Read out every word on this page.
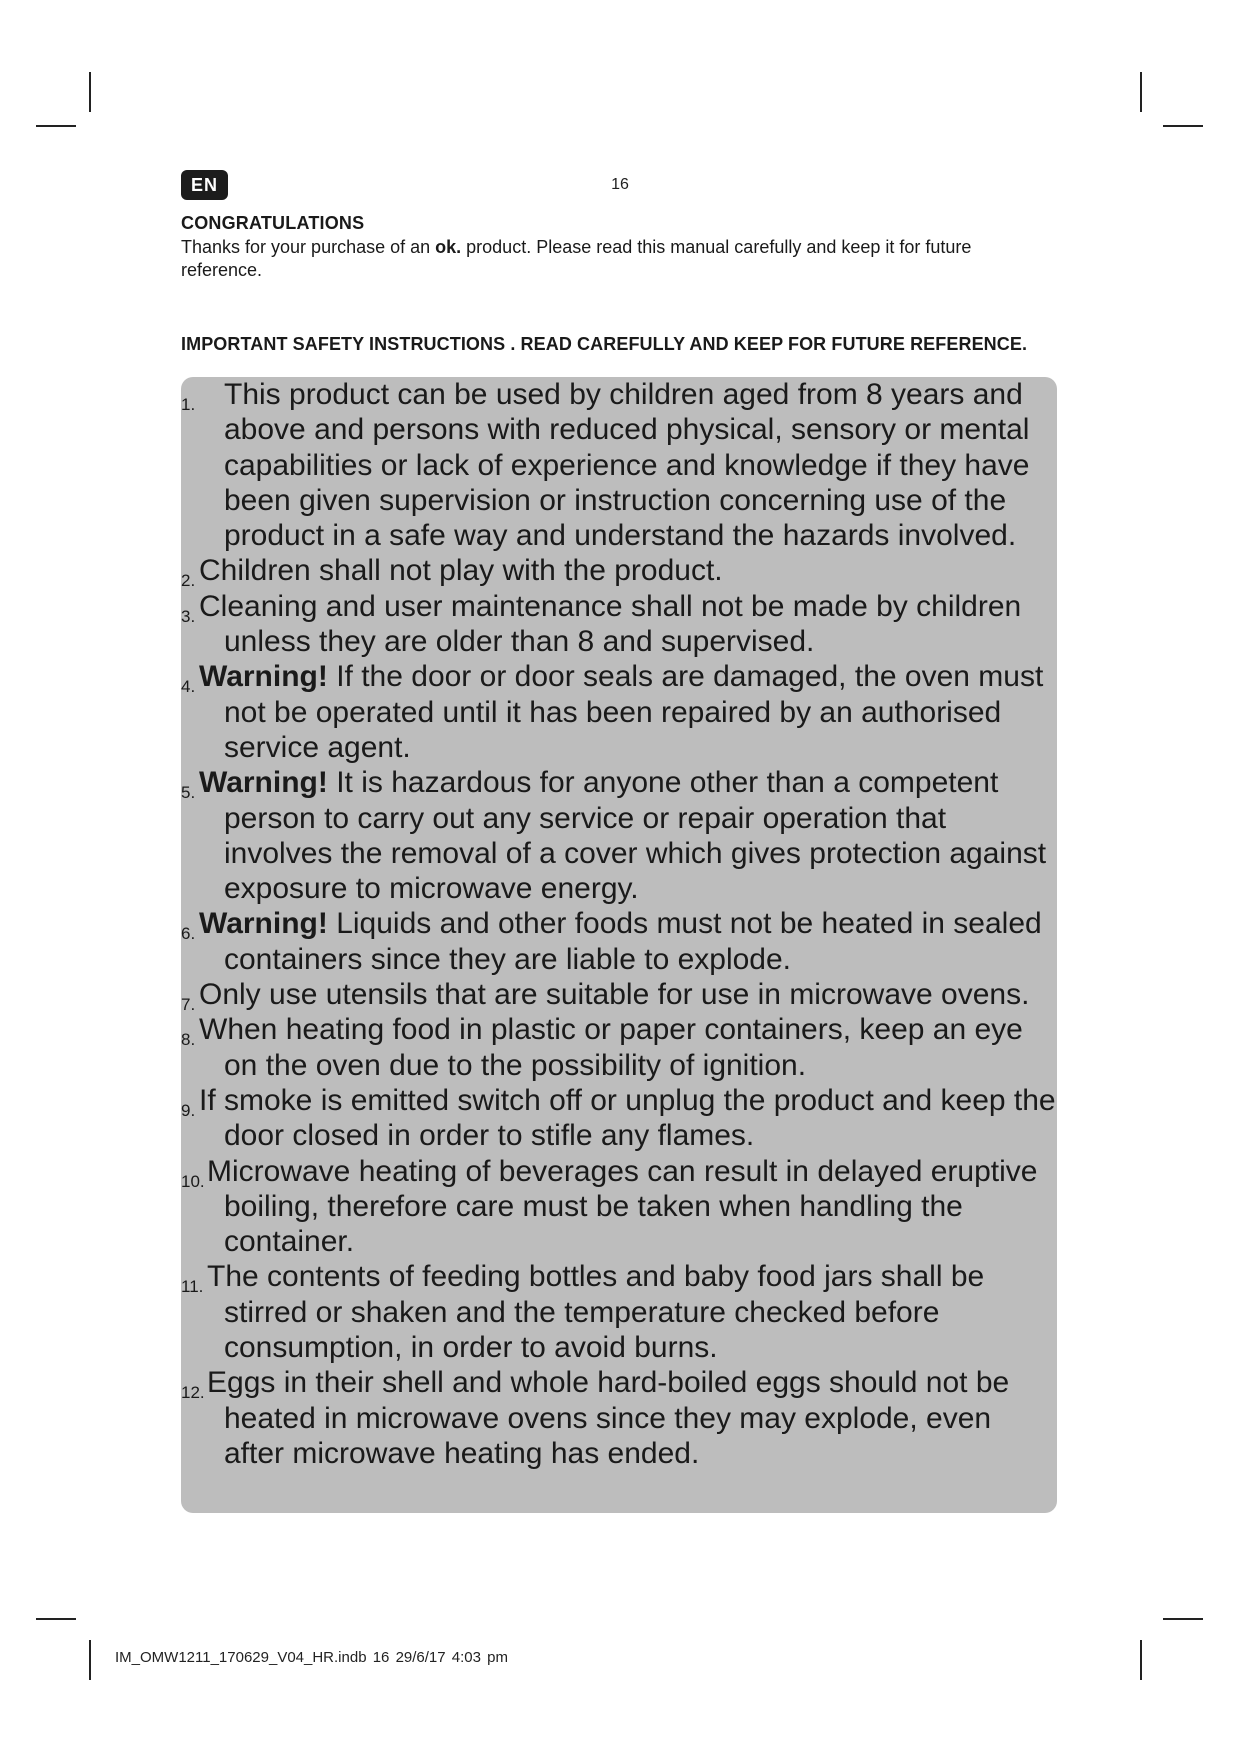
EN	16
CONGRATULATIONS
Thanks for your purchase of an ok. product. Please read this manual carefully and keep it for future reference.
IMPORTANT SAFETY INSTRUCTIONS . READ CAREFULLY AND KEEP FOR FUTURE REFERENCE.
1. This product can be used by children aged from 8 years and above and persons with reduced physical, sensory or mental capabilities or lack of experience and knowledge if they have been given supervision or instruction concerning use of the product in a safe way and understand the hazards involved.
2. Children shall not play with the product.
3. Cleaning and user maintenance shall not be made by children unless they are older than 8 and supervised.
4. Warning! If the door or door seals are damaged, the oven must not be operated until it has been repaired by an authorised service agent.
5. Warning! It is hazardous for anyone other than a competent person to carry out any service or repair operation that involves the removal of a cover which gives protection against exposure to microwave energy.
6. Warning! Liquids and other foods must not be heated in sealed containers since they are liable to explode.
7. Only use utensils that are suitable for use in microwave ovens.
8. When heating food in plastic or paper containers, keep an eye on the oven due to the possibility of ignition.
9. If smoke is emitted switch off or unplug the product and keep the door closed in order to stifle any flames.
10. Microwave heating of beverages can result in delayed eruptive boiling, therefore care must be taken when handling the container.
11. The contents of feeding bottles and baby food jars shall be stirred or shaken and the temperature checked before consumption, in order to avoid burns.
12. Eggs in their shell and whole hard-boiled eggs should not be heated in microwave ovens since they may explode, even after microwave heating has ended.
IM_OMW1211_170629_V04_HR.indb 16 29/6/17 4:03 pm
